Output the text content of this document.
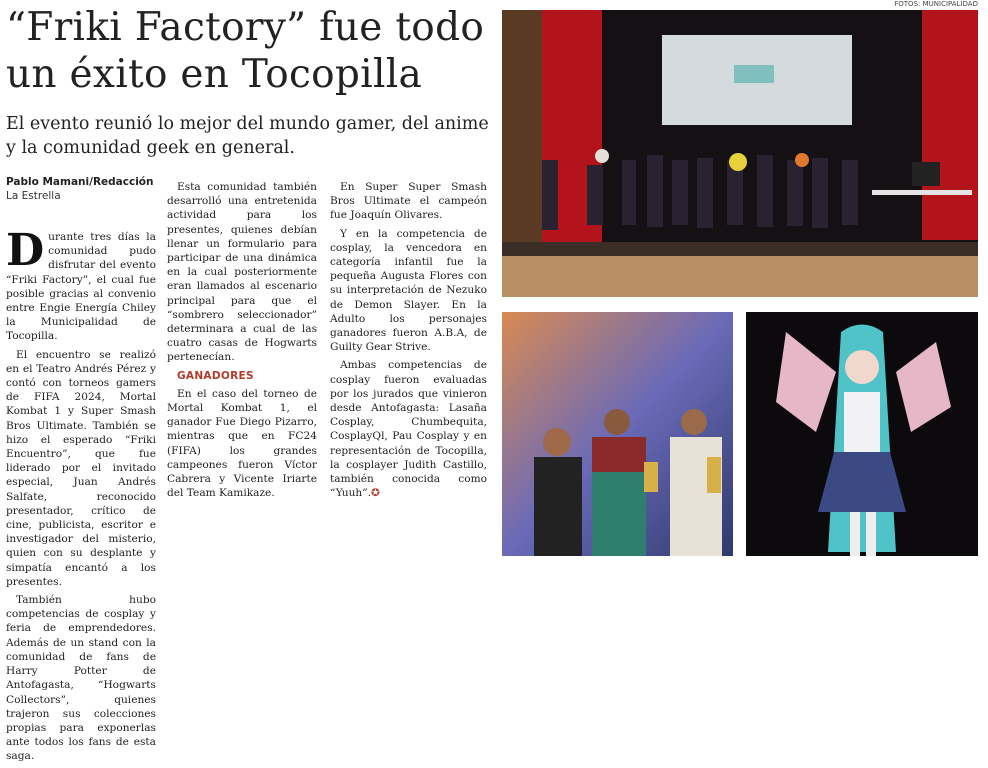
FOTOS: MUNICIPALIDAD
“Friki Factory” fue todo un éxito en Tocopilla

El evento reunió lo mejor del mundo gamer, del anime y la comunidad geek en general.

Pablo Mamani/Redacción
La Estrella

Durante tres días la comunidad pudo disfrutar del evento “Friki Factory”, el cual fue posible gracias al convenio entre Engie Energía Chiley la Municipalidad de Tocopilla.

El encuentro se realizó en el Teatro Andrés Pérez y contó con torneos gamers de FIFA 2024, Mortal Kombat 1 y Super Smash Bros Ultimate. También se hizo el esperado “Friki Encuentro”, que fue liderado por el invitado especial, Juan Andrés Salfate, reconocido presentador, crítico de cine, publicista, escritor e investigador del misterio, quien con su desplante y simpatía encantó a los presentes.

También hubo competencias de cosplay y feria de emprendedores. Además de un stand con la comunidad de fans de Harry Potter de Antofagasta, “Hogwarts Collectors”, quienes trajeron sus colecciones propias para exponerlas ante todos los fans de esta saga.

Esta comunidad también desarrolló una entretenida actividad para los presentes, quienes debían llenar un formulario para participar de una dinámica en la cual posteriormente eran llamados al escenario principal para que el “sombrero seleccionador” determinara a cual de las cuatro casas de Hogwarts pertenecían.

GANADORES

En el caso del torneo de Mortal Kombat 1, el ganador Fue Diego Pizarro, mientras que en FC24 (FIFA) los grandes campeones fueron Víctor Cabrera y Vicente Iriarte del Team Kamikaze.

En Super Super Smash Bros Ultimate el campeón fue Joaquín Olivares.

Y en la competencia de cosplay, la vencedora en categoría infantil fue la pequeña Augusta Flores con su interpretación de Nezuko de Demon Slayer. En la Adulto los personajes ganadores fueron A.B.A, de Guilty Gear Strive.

Ambas competencias de cosplay fueron evaluadas por los jurados que vinieron desde Antofagasta: Lasaña Cosplay, Chumbequita, CosplayQl, Pau Cosplay y en representación de Tocopilla, la cosplayer Judith Castillo, también conocida como “Yuuh”.✪
